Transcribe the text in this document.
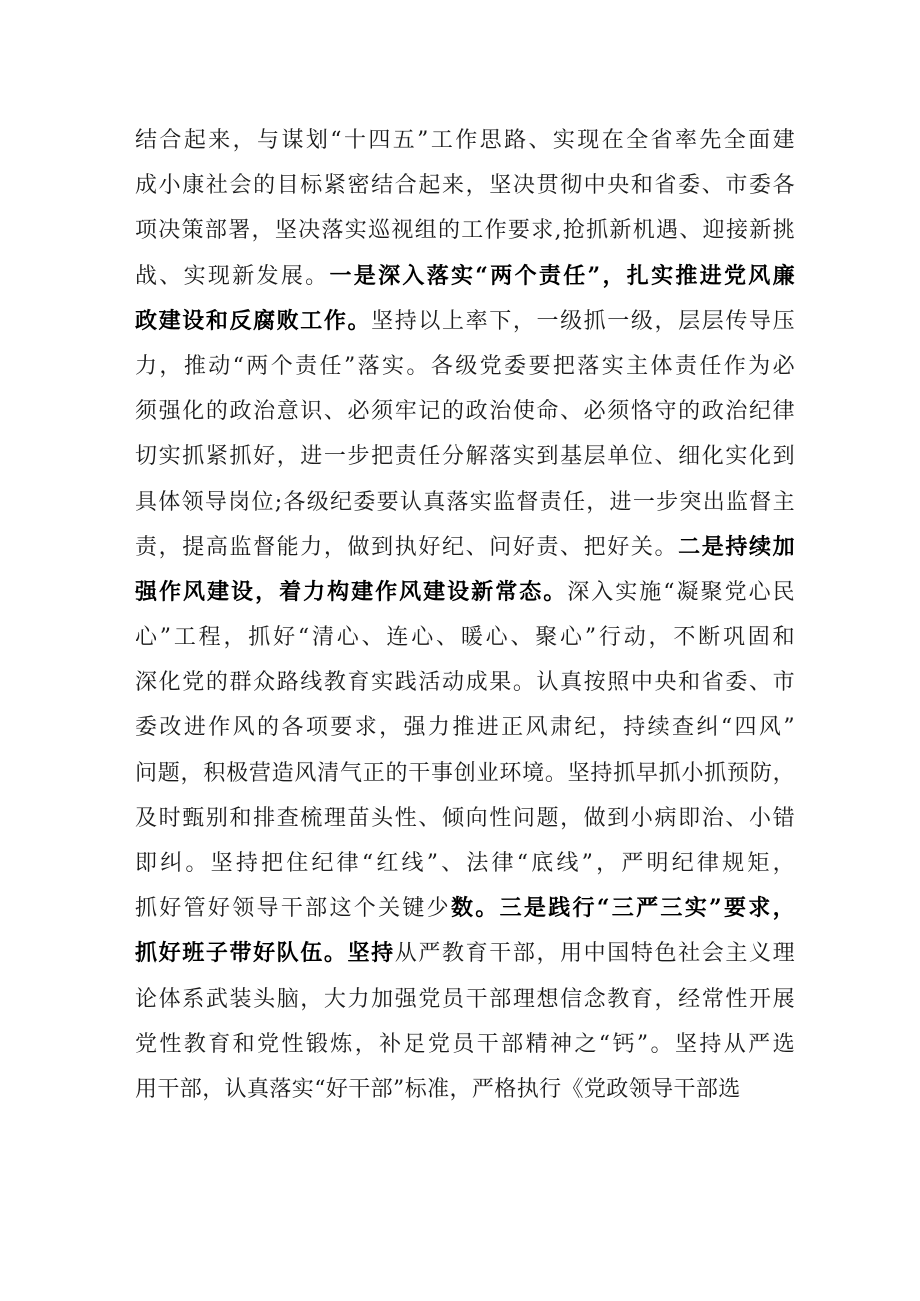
结合起来，与谋划“十四五”工作思路、实现在全省率先全面建
成小康社会的目标紧密结合起来，坚决贯彻中央和省委、市委各
项决策部署，坚决落实巡视组的工作要求,抢抓新机遇、迎接新挑
战、实现新发展。一是深入落实“两个责任”，扎实推进党风廉
政建设和反腐败工作。坚持以上率下，一级抓一级，层层传导压
力，推动“两个责任”落实。各级党委要把落实主体责任作为必
须强化的政治意识、必须牢记的政治使命、必须恪守的政治纪律
切实抓紧抓好，进一步把责任分解落实到基层单位、细化实化到
具体领导岗位;各级纪委要认真落实监督责任，进一步突出监督主
责，提高监督能力，做到执好纪、问好责、把好关。二是持续加
强作风建设，着力构建作风建设新常态。深入实施“凝聚党心民
心”工程，抓好“清心、连心、暖心、聚心”行动，不断巩固和
深化党的群众路线教育实践活动成果。认真按照中央和省委、市
委改进作风的各项要求，强力推进正风肃纪，持续查纠“四风”
问题，积极营造风清气正的干事创业环境。坚持抓早抓小抓预防，
及时甄别和排查梳理苗头性、倾向性问题，做到小病即治、小错
即纠。坚持把住纪律“红线”、法律“底线”，严明纪律规矩，
抓好管好领导干部这个关键少数。三是践行“三严三实”要求，
抓好班子带好队伍。坚持从严教育干部，用中国特色社会主义理
论体系武装头脑，大力加强党员干部理想信念教育，经常性开展
党性教育和党性锻炼，补足党员干部精神之“钙”。坚持从严选
用干部，认真落实“好干部”标准，严格执行《党政领导干部选
